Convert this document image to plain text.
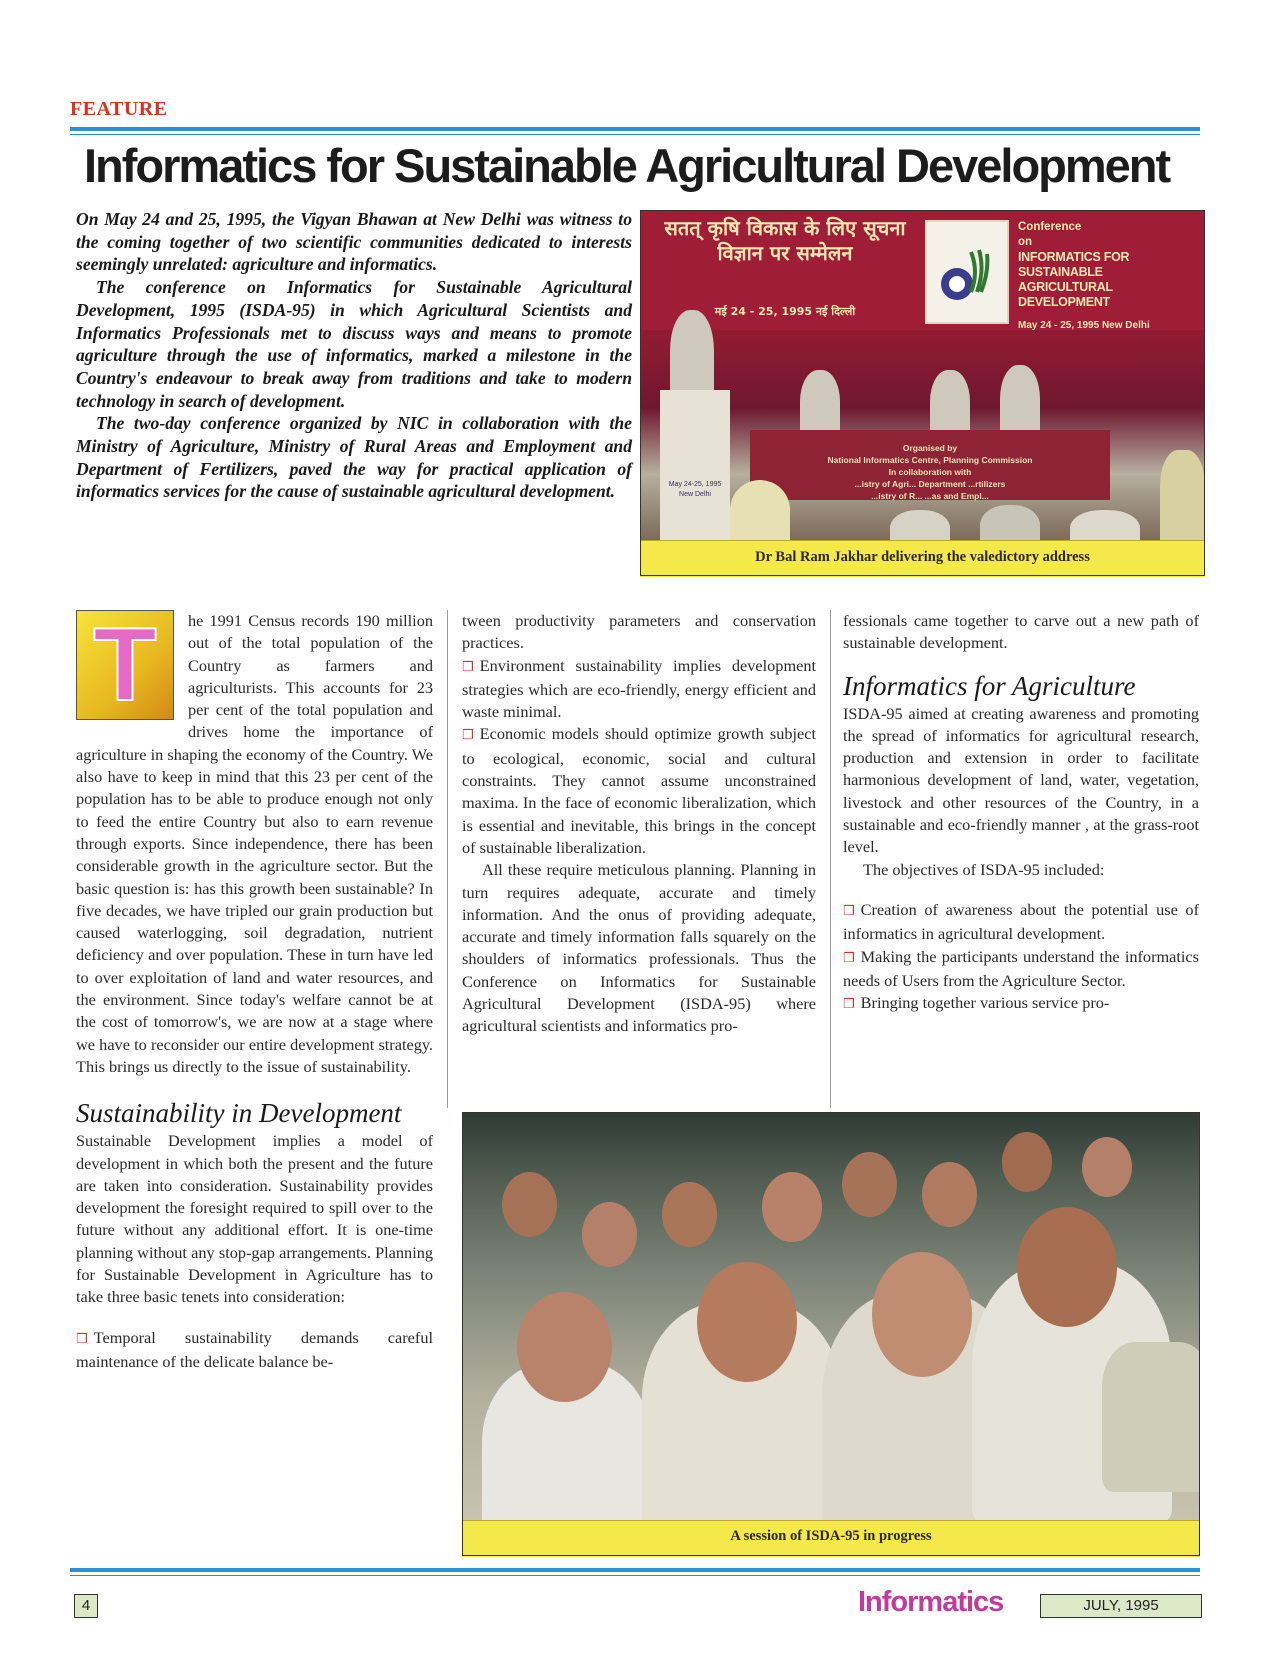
FEATURE
Informatics for Sustainable Agricultural Development

On May 24 and 25, 1995, the Vigyan Bhawan at New Delhi was witness to the coming together of two scientific communities dedicated to interests seemingly unrelated: agriculture and informatics.

The conference on Informatics for Sustainable Agricultural Development, 1995 (ISDA-95) in which Agricultural Scientists and Informatics Professionals met to discuss ways and means to promote agriculture through the use of informatics, marked a milestone in the Country's endeavour to break away from traditions and take to modern technology in search of development.

The two-day conference organized by NIC in collaboration with the Ministry of Agriculture, Ministry of Rural Areas and Employment and Department of Fertilizers, paved the way for practical application of informatics services for the cause of sustainable agricultural development.

सतत् कृषि विकास के लिए सूचना विज्ञान पर सम्मेलन
मई 24 - 25, 1995 नई दिल्ली
Conference
on
INFORMATICS FOR SUSTAINABLE
AGRICULTURAL DEVELOPMENT
May 24 - 25, 1995 New Delhi
Organised by
National Informatics Centre, Planning Commission
In collaboration with
...istry of Agri... Department ...rtilizers
...istry of R... ...as and Empl...
May 24-25, 1995 New Delhi
Dr Bal Ram Jakhar delivering the valedictory address
T	he 1991 Census records 190 million out of the total population of the Country as farmers and agriculturists. This accounts for 23 per cent of the total population and drives home the importance of agriculture in shaping the economy of the Country. We also have to keep in mind that this 23 per cent of the population has to be able to produce enough not only to feed the entire Country but also to earn revenue through exports. Since independence, there has been considerable growth in the agriculture sector. But the basic question is: has this growth been sustainable? In five decades, we have tripled our grain production but caused waterlogging, soil degradation, nutrient deficiency and over population. These in turn have led to over exploitation of land and water resources, and the environment. Since today's welfare cannot be at the cost of tomorrow's, we are now at a stage where we have to reconsider our entire development strategy. This brings us directly to the issue of sustainability.

Sustainability in Development

Sustainable Development implies a model of development in which both the present and the future are taken into consideration. Sustainability provides development the foresight required to spill over to the future without any additional effort. It is one-time planning without any stop-gap arrangements. Planning for Sustainable Development in Agriculture has to take three basic tenets into consideration:

❒ Temporal sustainability demands careful maintenance of the delicate balance be-

tween productivity parameters and conservation practices.

❒ Environment sustainability implies development strategies which are eco-friendly, energy efficient and waste minimal.

❒ Economic models should optimize growth subject to ecological, economic, social and cultural constraints. They cannot assume unconstrained maxima. In the face of economic liberalization, which is essential and inevitable, this brings in the concept of sustainable liberalization.

All these require meticulous planning. Planning in turn requires adequate, accurate and timely information. And the onus of providing adequate, accurate and timely information falls squarely on the shoulders of informatics professionals. Thus the Conference on Informatics for Sustainable Agricultural Development (ISDA-95) where agricultural scientists and informatics pro-

fessionals came together to carve out a new path of sustainable development.

Informatics for Agriculture

ISDA-95 aimed at creating awareness and promoting the spread of informatics for agricultural research, production and extension in order to facilitate harmonious development of land, water, vegetation, livestock and other resources of the Country, in a sustainable and eco-friendly manner , at the grass-root level.

The objectives of ISDA-95 included:

❒ Creation of awareness about the potential use of informatics in agricultural development.

❒ Making the participants understand the informatics needs of Users from the Agriculture Sector.

❒ Bringing together various service pro-

A session of ISDA-95 in progress
4	Informatics	JULY, 1995
